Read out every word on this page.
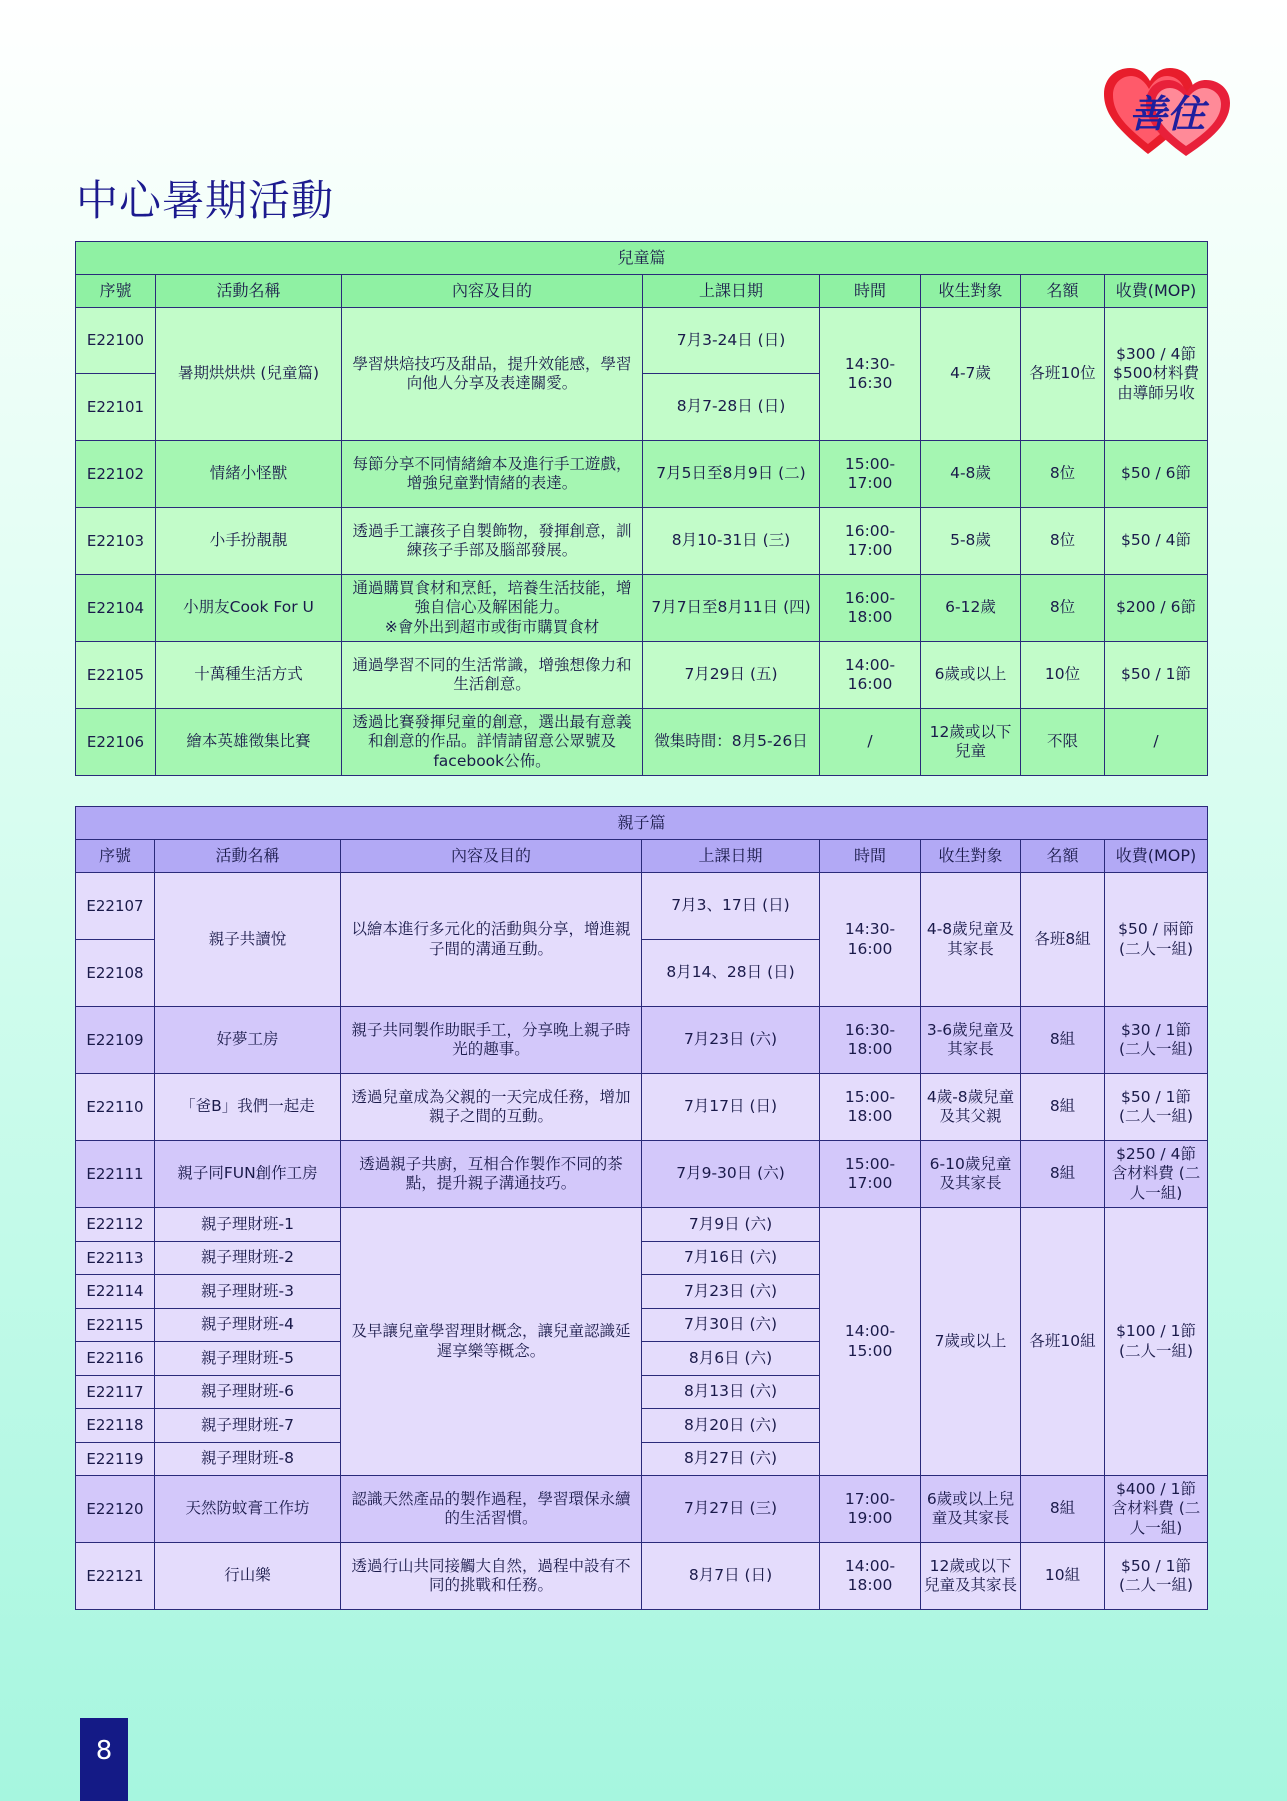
善住
中心暑期活動
兒童篇							
序號	活動名稱	內容及目的	上課日期	時間	收生對象	名額	收費(MOP)
E22100	暑期烘烘烘 (兒童篇)	學習烘焙技巧及甜品，提升效能感，學習向他人分享及表達關愛。	7月3-24日 (日)	14:30-16:30	4-7歲	各班10位	$300 / 4節 $500材料費 由導師另收
E22101			8月7-28日 (日)				
E22102	情緒小怪獸	每節分享不同情緒繪本及進行手工遊戲，增強兒童對情緒的表達。	7月5日至8月9日 (二)	15:00-17:00	4-8歲	8位	$50 / 6節
E22103	小手扮靚靚	透過手工讓孩子自製飾物，發揮創意，訓練孩子手部及腦部發展。	8月10-31日 (三)	16:00-17:00	5-8歲	8位	$50 / 4節
E22104	小朋友Cook For U	通過購買食材和烹飪，培養生活技能，增強自信心及解困能力。
※會外出到超市或街市購買食材	7月7日至8月11日 (四)	16:00-18:00	6-12歲	8位	$200 / 6節
E22105	十萬種生活方式	通過學習不同的生活常識，增強想像力和生活創意。	7月29日 (五)	14:00-16:00	6歲或以上	10位	$50 / 1節
E22106	繪本英雄徵集比賽	透過比賽發揮兒童的創意，選出最有意義和創意的作品。詳情請留意公眾號及facebook公佈。	徵集時間：8月5-26日	/	12歲或以下兒童	不限	/
親子篇							
序號	活動名稱	內容及目的	上課日期	時間	收生對象	名額	收費(MOP)
E22107	親子共讀悅	以繪本進行多元化的活動與分享，增進親子間的溝通互動。	7月3、17日 (日)	14:30-16:00	4-8歲兒童及其家長	各班8組	$50 / 兩節 (二人一組)
E22108			8月14、28日 (日)				
E22109	好夢工房	親子共同製作助眠手工，分享晚上親子時光的趣事。	7月23日 (六)	16:30-18:00	3-6歲兒童及其家長	8組	$30 / 1節 (二人一組)
E22110	「爸B」我們一起走	透過兒童成為父親的一天完成任務，增加親子之間的互動。	7月17日 (日)	15:00-18:00	4歲-8歲兒童及其父親	8組	$50 / 1節 (二人一組)
E22111	親子同FUN創作工房	透過親子共廚，互相合作製作不同的茶點，提升親子溝通技巧。	7月9-30日 (六)	15:00-17:00	6-10歲兒童及其家長	8組	$250 / 4節 含材料費 (二人一組)
E22112	親子理財班-1	及早讓兒童學習理財概念，讓兒童認識延遲享樂等概念。	7月9日 (六)	14:00-15:00	7歲或以上	各班10組	$100 / 1節 (二人一組)
E22113	親子理財班-2		7月16日 (六)				
E22114	親子理財班-3		7月23日 (六)				
E22115	親子理財班-4		7月30日 (六)				
E22116	親子理財班-5		8月6日 (六)				
E22117	親子理財班-6		8月13日 (六)				
E22118	親子理財班-7		8月20日 (六)				
E22119	親子理財班-8		8月27日 (六)				
E22120	天然防蚊膏工作坊	認識天然產品的製作過程，學習環保永續的生活習慣。	7月27日 (三)	17:00-19:00	6歲或以上兒童及其家長	8組	$400 / 1節 含材料費 (二人一組)
E22121	行山樂	透過行山共同接觸大自然，過程中設有不同的挑戰和任務。	8月7日 (日)	14:00-18:00	12歲或以下兒童及其家長	10組	$50 / 1節 (二人一組)
8
